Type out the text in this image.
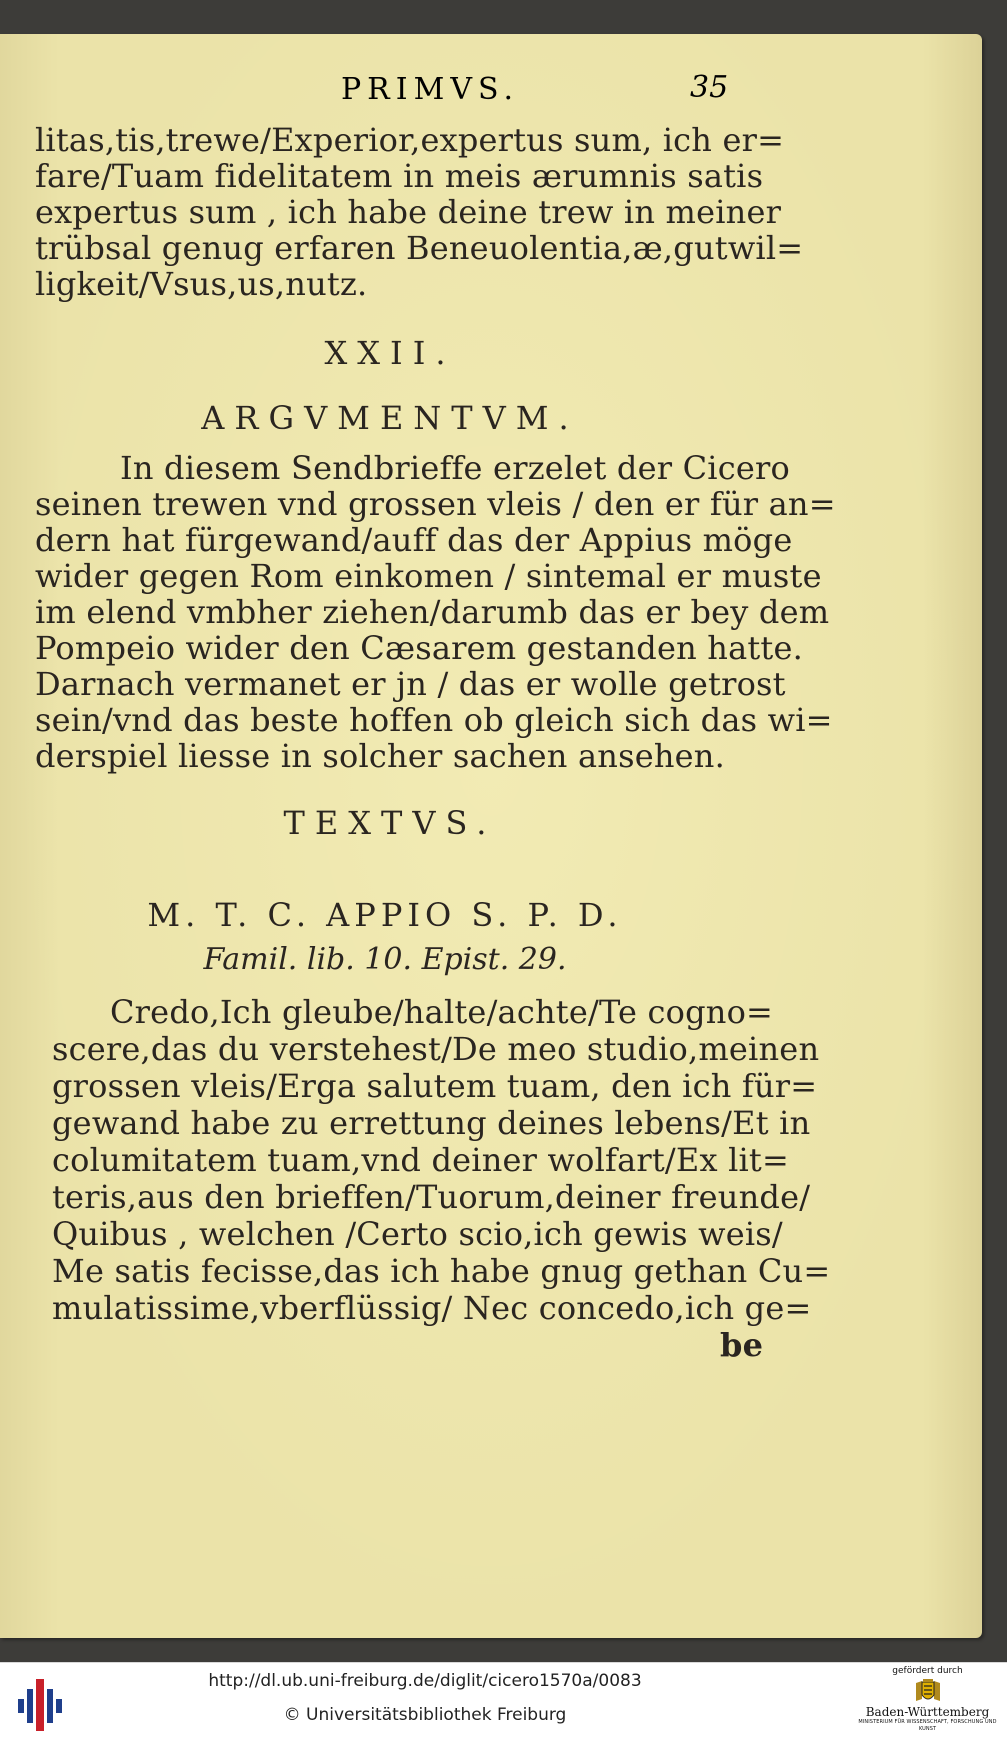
PRIMVS.	35
litas,tis,trewe/Experior,expertus sum, ich er=
fare/Tuam fidelitatem in meis ærumnis satis
expertus sum , ich habe deine trew in meiner
trübsal genug erfaren Beneuolentia,æ,gutwil=
ligkeit/Vsus,us,nutz.
XXII.
ARGVMENTVM.
In diesem Sendbrieffe erzelet der Cicero
seinen trewen vnd grossen vleis / den er für an=
dern hat fürgewand/auff das der Appius möge
wider gegen Rom einkomen / sintemal er muste
im elend vmbher ziehen/darumb das er bey dem
Pompeio wider den Cæsarem gestanden hatte.
Darnach vermanet er jn / das er wolle getrost
sein/vnd das beste hoffen ob gleich sich das wi=
derspiel liesse in solcher sachen ansehen.
TEXTVS.
M. T. C. APPIO S. P. D.
Famil. lib. 10. Epist. 29.
Credo,Ich gleube/halte/achte/Te cogno=
scere,das du verstehest/De meo studio,meinen
grossen vleis/Erga salutem tuam, den ich für=
gewand habe zu errettung deines lebens/Et in
columitatem tuam,vnd deiner wolfart/Ex lit=
teris,aus den brieffen/Tuorum,deiner freunde/
Quibus , welchen /Certo scio,ich gewis weis/
Me satis fecisse,das ich habe gnug gethan Cu=
mulatissime,vberflüssig/ Nec concedo,ich ge=
be
http://dl.ub.uni-freiburg.de/diglit/cicero1570a/0083
© Universitätsbibliothek Freiburg
gefördert durch
Baden-Württemberg
MINISTERIUM FÜR WISSENSCHAFT, FORSCHUNG UND KUNST
